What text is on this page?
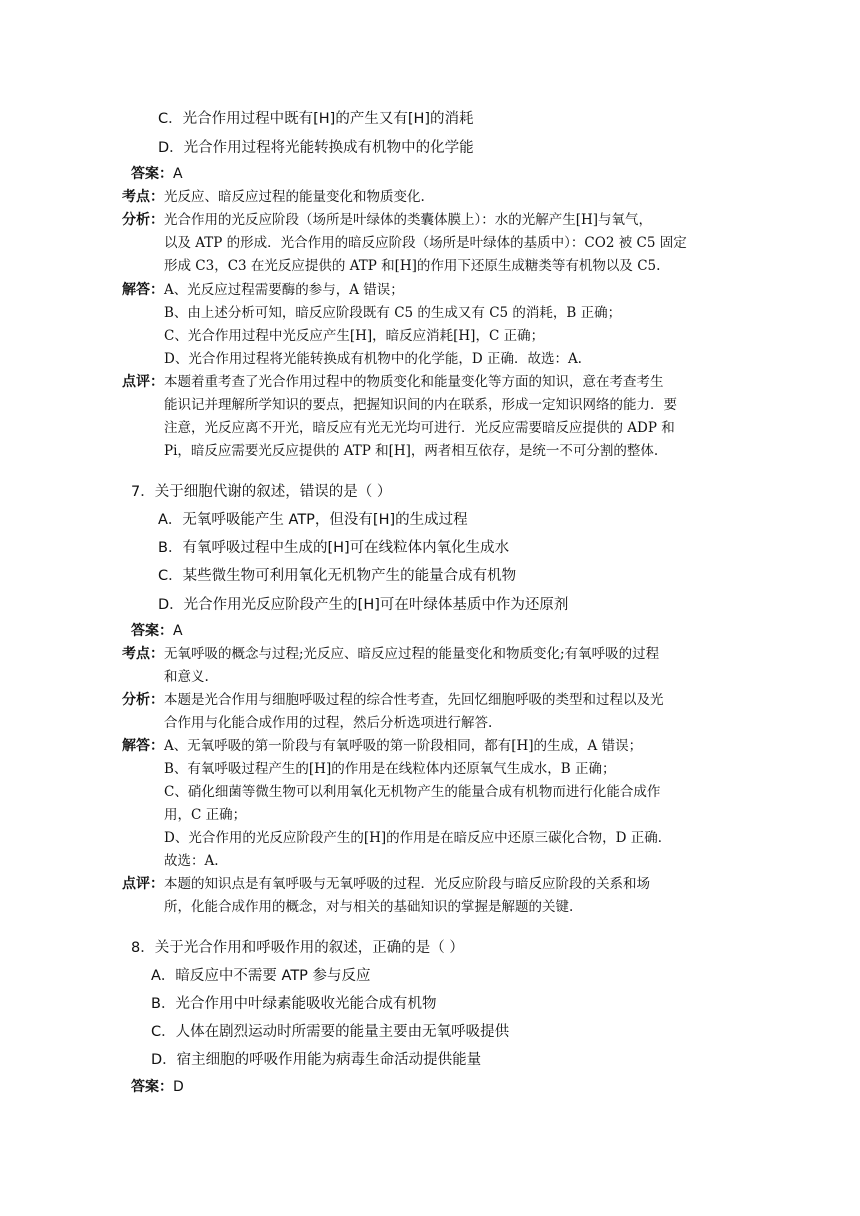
C．光合作用过程中既有[H]的产生又有[H]的消耗
D．光合作用过程将光能转换成有机物中的化学能
答案：A
考点：光反应、暗反应过程的能量变化和物质变化.
分析：光合作用的光反应阶段（场所是叶绿体的类囊体膜上）：水的光解产生[H]与氧气，
以及 ATP 的形成．光合作用的暗反应阶段（场所是叶绿体的基质中）：CO2 被 C5 固定
形成 C3，C3 在光反应提供的 ATP 和[H]的作用下还原生成糖类等有机物以及 C5.
解答：A、光反应过程需要酶的参与，A 错误；
B、由上述分析可知，暗反应阶段既有 C5 的生成又有 C5 的消耗，B 正确；
C、光合作用过程中光反应产生[H]，暗反应消耗[H]，C 正确；
D、光合作用过程将光能转换成有机物中的化学能，D 正确．故选：A.
点评：本题着重考查了光合作用过程中的物质变化和能量变化等方面的知识，意在考查考生
能识记并理解所学知识的要点，把握知识间的内在联系，形成一定知识网络的能力．要
注意，光反应离不开光，暗反应有光无光均可进行．光反应需要暗反应提供的 ADP 和
Pi，暗反应需要光反应提供的 ATP 和[H]，两者相互依存，是统一不可分割的整体.
7．关于细胞代谢的叙述，错误的是（ ）
A．无氧呼吸能产生 ATP，但没有[H]的生成过程
B．有氧呼吸过程中生成的[H]可在线粒体内氧化生成水
C．某些微生物可利用氧化无机物产生的能量合成有机物
D．光合作用光反应阶段产生的[H]可在叶绿体基质中作为还原剂
答案：A
考点：无氧呼吸的概念与过程;光反应、暗反应过程的能量变化和物质变化;有氧呼吸的过程
和意义.
分析：本题是光合作用与细胞呼吸过程的综合性考查，先回忆细胞呼吸的类型和过程以及光
合作用与化能合成作用的过程，然后分析选项进行解答.
解答：A、无氧呼吸的第一阶段与有氧呼吸的第一阶段相同，都有[H]的生成，A 错误；
B、有氧呼吸过程产生的[H]的作用是在线粒体内还原氧气生成水，B 正确；
C、硝化细菌等微生物可以利用氧化无机物产生的能量合成有机物而进行化能合成作
用，C 正确；
D、光合作用的光反应阶段产生的[H]的作用是在暗反应中还原三碳化合物，D 正确．
故选：A.
点评：本题的知识点是有氧呼吸与无氧呼吸的过程．光反应阶段与暗反应阶段的关系和场
所，化能合成作用的概念，对与相关的基础知识的掌握是解题的关键.
8．关于光合作用和呼吸作用的叙述，正确的是（ ）
A．暗反应中不需要 ATP 参与反应
B．光合作用中叶绿素能吸收光能合成有机物
C．人体在剧烈运动时所需要的能量主要由无氧呼吸提供
D．宿主细胞的呼吸作用能为病毒生命活动提供能量
答案：D
